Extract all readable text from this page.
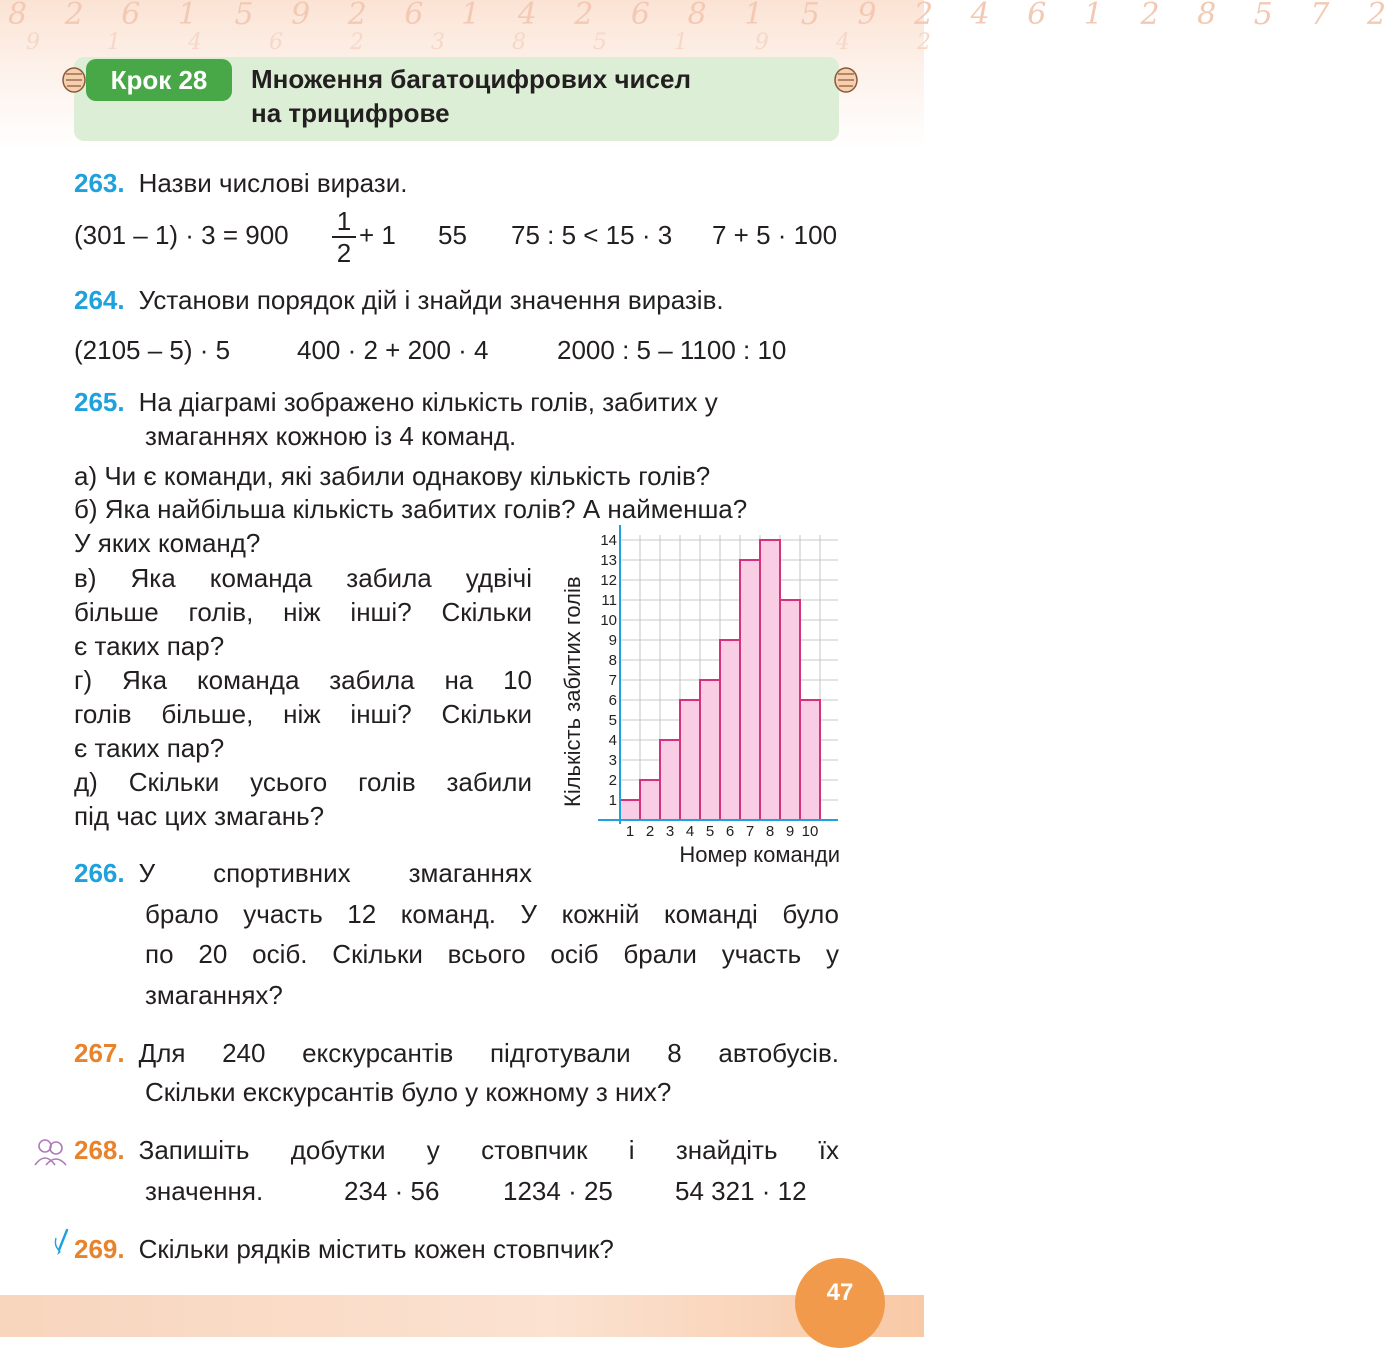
8 2 6 1 5 9 2 6 1 4 2 6 8 1 5 9 2 4 6 1 2 8 5 7 2
9 1 4 6 2 3 8 5 1 9 4 2
Крок 28	Множення багатоцифрових чисел
на трицифрове
263. Назви числові вирази.
(301 – 1) · 3 = 900 1
2
+ 1 55 75 : 5 < 15 · 3 7 + 5 · 100
264. Установи порядок дій і знайди значення виразів.
(2105 – 5) · 5	400 · 2 + 200 · 4	2000 : 5 – 1100 : 10
265. На діаграмі зображено кількість голів, забитих у
змаганнях кожною із 4 команд.
а) Чи є команди, які забили однакову кількість голів?
б) Яка найбільша кількість забитих голів? А найменша?
У яких команд?
в) Яка команда забила удвічі
більше голів, ніж інші? Скільки
є таких пар?
г) Яка команда забила на 10
голів більше, ніж інші? Скільки
є таких пар?
д) Скільки усього голів забили
під час цих змагань?
1
2
3
4
5
6
7
8
9
10
11
12
13
14
1 2 3 4 5 6 7 8 9 10
Кількість забитих голів
Номер команди
266. У спортивних змаганнях
брало участь 12 команд. У кожній команді було
по 20 осіб. Скільки всього осіб брали участь у
змаганнях?
267. Для 240 екскурсантів підготували 8 автобусів.
Скільки екскурсантів було у кожному з них?
268. Запишіть добутки у стовпчик і знайдіть їх
значення.	234 · 56 1234 · 25 54 321 · 12
269. Скільки рядків містить кожен стовпчик?
47
